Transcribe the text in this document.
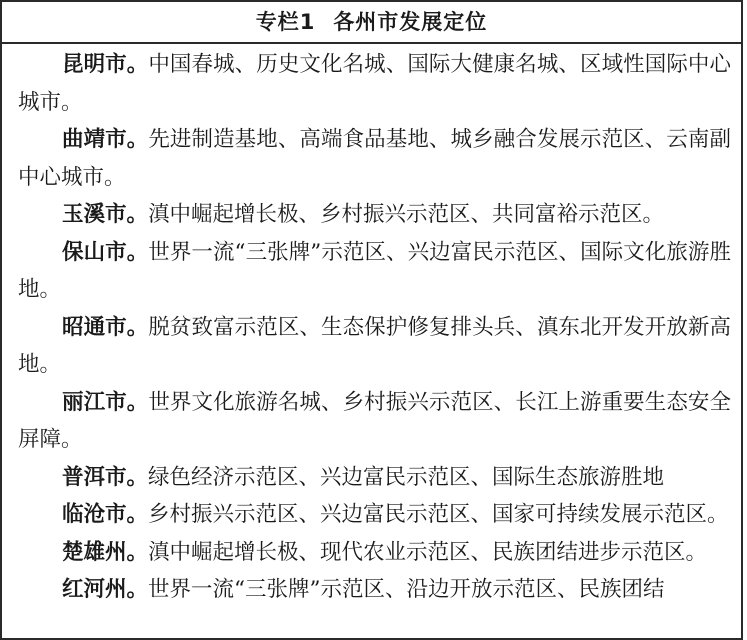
专栏1 各州市发展定位

昆明市。中国春城、历史文化名城、国际大健康名城、区域性国际中心城市。

曲靖市。先进制造基地、高端食品基地、城乡融合发展示范区、云南副中心城市。

玉溪市。滇中崛起增长极、乡村振兴示范区、共同富裕示范区。

保山市。世界一流“三张牌”示范区、兴边富民示范区、国际文化旅游胜地。

昭通市。脱贫致富示范区、生态保护修复排头兵、滇东北开发开放新高地。

丽江市。世界文化旅游名城、乡村振兴示范区、长江上游重要生态安全屏障。

普洱市。绿色经济示范区、兴边富民示范区、国际生态旅游胜地

临沧市。乡村振兴示范区、兴边富民示范区、国家可持续发展示范区。

楚雄州。滇中崛起增长极、现代农业示范区、民族团结进步示范区。

红河州。世界一流“三张牌”示范区、沿边开放示范区、民族团结
